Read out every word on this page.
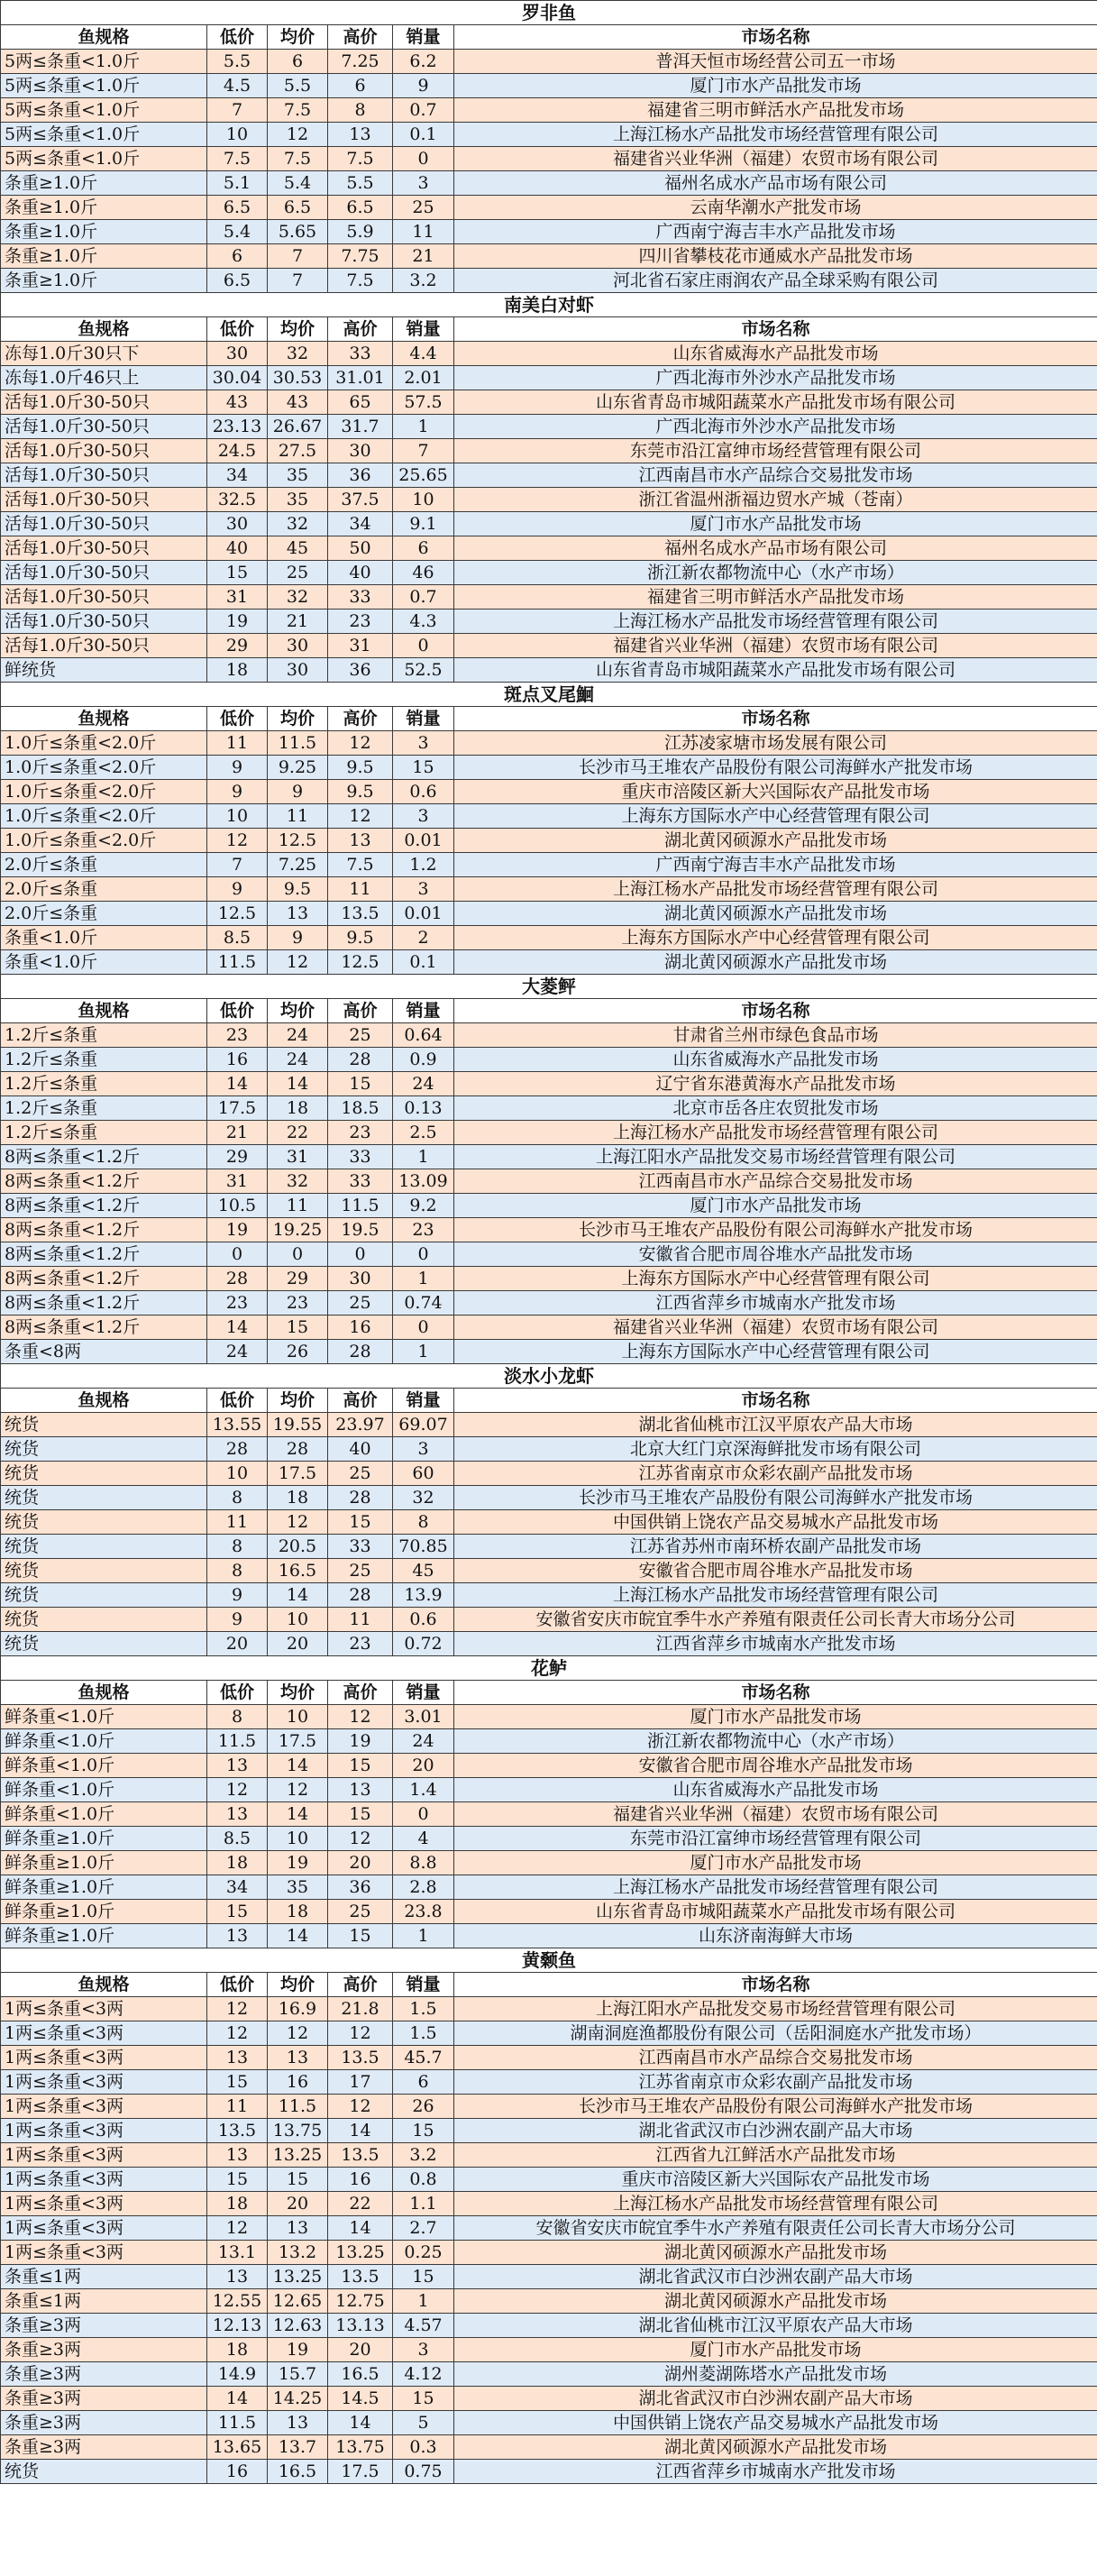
罗非鱼					
鱼规格	低价	均价	高价	销量	市场名称
5两≤条重<1.0斤	5.5	6	7.25	6.2	普洱天恒市场经营公司五一市场
5两≤条重<1.0斤	4.5	5.5	6	9	厦门市水产品批发市场
5两≤条重<1.0斤	7	7.5	8	0.7	福建省三明市鲜活水产品批发市场
5两≤条重<1.0斤	10	12	13	0.1	上海江杨水产品批发市场经营管理有限公司
5两≤条重<1.0斤	7.5	7.5	7.5	0	福建省兴业华洲（福建）农贸市场有限公司
条重≥1.0斤	5.1	5.4	5.5	3	福州名成水产品市场有限公司
条重≥1.0斤	6.5	6.5	6.5	25	云南华潮水产批发市场
条重≥1.0斤	5.4	5.65	5.9	11	广西南宁海吉丰水产品批发市场
条重≥1.0斤	6	7	7.75	21	四川省攀枝花市通威水产品批发市场
条重≥1.0斤	6.5	7	7.5	3.2	河北省石家庄雨润农产品全球采购有限公司
南美白对虾					
鱼规格	低价	均价	高价	销量	市场名称
冻每1.0斤30只下	30	32	33	4.4	山东省威海水产品批发市场
冻每1.0斤46只上	30.04	30.53	31.01	2.01	广西北海市外沙水产品批发市场
活每1.0斤30-50只	43	43	65	57.5	山东省青岛市城阳蔬菜水产品批发市场有限公司
活每1.0斤30-50只	23.13	26.67	31.7	1	广西北海市外沙水产品批发市场
活每1.0斤30-50只	24.5	27.5	30	7	东莞市沿江富绅市场经营管理有限公司
活每1.0斤30-50只	34	35	36	25.65	江西南昌市水产品综合交易批发市场
活每1.0斤30-50只	32.5	35	37.5	10	浙江省温州浙福边贸水产城（苍南）
活每1.0斤30-50只	30	32	34	9.1	厦门市水产品批发市场
活每1.0斤30-50只	40	45	50	6	福州名成水产品市场有限公司
活每1.0斤30-50只	15	25	40	46	浙江新农都物流中心（水产市场）
活每1.0斤30-50只	31	32	33	0.7	福建省三明市鲜活水产品批发市场
活每1.0斤30-50只	19	21	23	4.3	上海江杨水产品批发市场经营管理有限公司
活每1.0斤30-50只	29	30	31	0	福建省兴业华洲（福建）农贸市场有限公司
鲜统货	18	30	36	52.5	山东省青岛市城阳蔬菜水产品批发市场有限公司
斑点叉尾鮰					
鱼规格	低价	均价	高价	销量	市场名称
1.0斤≤条重<2.0斤	11	11.5	12	3	江苏凌家塘市场发展有限公司
1.0斤≤条重<2.0斤	9	9.25	9.5	15	长沙市马王堆农产品股份有限公司海鲜水产批发市场
1.0斤≤条重<2.0斤	9	9	9.5	0.6	重庆市涪陵区新大兴国际农产品批发市场
1.0斤≤条重<2.0斤	10	11	12	3	上海东方国际水产中心经营管理有限公司
1.0斤≤条重<2.0斤	12	12.5	13	0.01	湖北黄冈硕源水产品批发市场
2.0斤≤条重	7	7.25	7.5	1.2	广西南宁海吉丰水产品批发市场
2.0斤≤条重	9	9.5	11	3	上海江杨水产品批发市场经营管理有限公司
2.0斤≤条重	12.5	13	13.5	0.01	湖北黄冈硕源水产品批发市场
条重<1.0斤	8.5	9	9.5	2	上海东方国际水产中心经营管理有限公司
条重<1.0斤	11.5	12	12.5	0.1	湖北黄冈硕源水产品批发市场
大菱鲆					
鱼规格	低价	均价	高价	销量	市场名称
1.2斤≤条重	23	24	25	0.64	甘肃省兰州市绿色食品市场
1.2斤≤条重	16	24	28	0.9	山东省威海水产品批发市场
1.2斤≤条重	14	14	15	24	辽宁省东港黄海水产品批发市场
1.2斤≤条重	17.5	18	18.5	0.13	北京市岳各庄农贸批发市场
1.2斤≤条重	21	22	23	2.5	上海江杨水产品批发市场经营管理有限公司
8两≤条重<1.2斤	29	31	33	1	上海江阳水产品批发交易市场经营管理有限公司
8两≤条重<1.2斤	31	32	33	13.09	江西南昌市水产品综合交易批发市场
8两≤条重<1.2斤	10.5	11	11.5	9.2	厦门市水产品批发市场
8两≤条重<1.2斤	19	19.25	19.5	23	长沙市马王堆农产品股份有限公司海鲜水产批发市场
8两≤条重<1.2斤	0	0	0	0	安徽省合肥市周谷堆水产品批发市场
8两≤条重<1.2斤	28	29	30	1	上海东方国际水产中心经营管理有限公司
8两≤条重<1.2斤	23	23	25	0.74	江西省萍乡市城南水产批发市场
8两≤条重<1.2斤	14	15	16	0	福建省兴业华洲（福建）农贸市场有限公司
条重<8两	24	26	28	1	上海东方国际水产中心经营管理有限公司
淡水小龙虾					
鱼规格	低价	均价	高价	销量	市场名称
统货	13.55	19.55	23.97	69.07	湖北省仙桃市江汉平原农产品大市场
统货	28	28	40	3	北京大红门京深海鲜批发市场有限公司
统货	10	17.5	25	60	江苏省南京市众彩农副产品批发市场
统货	8	18	28	32	长沙市马王堆农产品股份有限公司海鲜水产批发市场
统货	11	12	15	8	中国供销上饶农产品交易城水产品批发市场
统货	8	20.5	33	70.85	江苏省苏州市南环桥农副产品批发市场
统货	8	16.5	25	45	安徽省合肥市周谷堆水产品批发市场
统货	9	14	28	13.9	上海江杨水产品批发市场经营管理有限公司
统货	9	10	11	0.6	安徽省安庆市皖宜季牛水产养殖有限责任公司长青大市场分公司
统货	20	20	23	0.72	江西省萍乡市城南水产批发市场
花鲈					
鱼规格	低价	均价	高价	销量	市场名称
鲜条重<1.0斤	8	10	12	3.01	厦门市水产品批发市场
鲜条重<1.0斤	11.5	17.5	19	24	浙江新农都物流中心（水产市场）
鲜条重<1.0斤	13	14	15	20	安徽省合肥市周谷堆水产品批发市场
鲜条重<1.0斤	12	12	13	1.4	山东省威海水产品批发市场
鲜条重<1.0斤	13	14	15	0	福建省兴业华洲（福建）农贸市场有限公司
鲜条重≥1.0斤	8.5	10	12	4	东莞市沿江富绅市场经营管理有限公司
鲜条重≥1.0斤	18	19	20	8.8	厦门市水产品批发市场
鲜条重≥1.0斤	34	35	36	2.8	上海江杨水产品批发市场经营管理有限公司
鲜条重≥1.0斤	15	18	25	23.8	山东省青岛市城阳蔬菜水产品批发市场有限公司
鲜条重≥1.0斤	13	14	15	1	山东济南海鲜大市场
黄颡鱼					
鱼规格	低价	均价	高价	销量	市场名称
1两≤条重<3两	12	16.9	21.8	1.5	上海江阳水产品批发交易市场经营管理有限公司
1两≤条重<3两	12	12	12	1.5	湖南洞庭渔都股份有限公司（岳阳洞庭水产批发市场）
1两≤条重<3两	13	13	13.5	45.7	江西南昌市水产品综合交易批发市场
1两≤条重<3两	15	16	17	6	江苏省南京市众彩农副产品批发市场
1两≤条重<3两	11	11.5	12	26	长沙市马王堆农产品股份有限公司海鲜水产批发市场
1两≤条重<3两	13.5	13.75	14	15	湖北省武汉市白沙洲农副产品大市场
1两≤条重<3两	13	13.25	13.5	3.2	江西省九江鲜活水产品批发市场
1两≤条重<3两	15	15	16	0.8	重庆市涪陵区新大兴国际农产品批发市场
1两≤条重<3两	18	20	22	1.1	上海江杨水产品批发市场经营管理有限公司
1两≤条重<3两	12	13	14	2.7	安徽省安庆市皖宜季牛水产养殖有限责任公司长青大市场分公司
1两≤条重<3两	13.1	13.2	13.25	0.25	湖北黄冈硕源水产品批发市场
条重≤1两	13	13.25	13.5	15	湖北省武汉市白沙洲农副产品大市场
条重≤1两	12.55	12.65	12.75	1	湖北黄冈硕源水产品批发市场
条重≥3两	12.13	12.63	13.13	4.57	湖北省仙桃市江汉平原农产品大市场
条重≥3两	18	19	20	3	厦门市水产品批发市场
条重≥3两	14.9	15.7	16.5	4.12	湖州菱湖陈塔水产品批发市场
条重≥3两	14	14.25	14.5	15	湖北省武汉市白沙洲农副产品大市场
条重≥3两	11.5	13	14	5	中国供销上饶农产品交易城水产品批发市场
条重≥3两	13.65	13.7	13.75	0.3	湖北黄冈硕源水产品批发市场
统货	16	16.5	17.5	0.75	江西省萍乡市城南水产批发市场
